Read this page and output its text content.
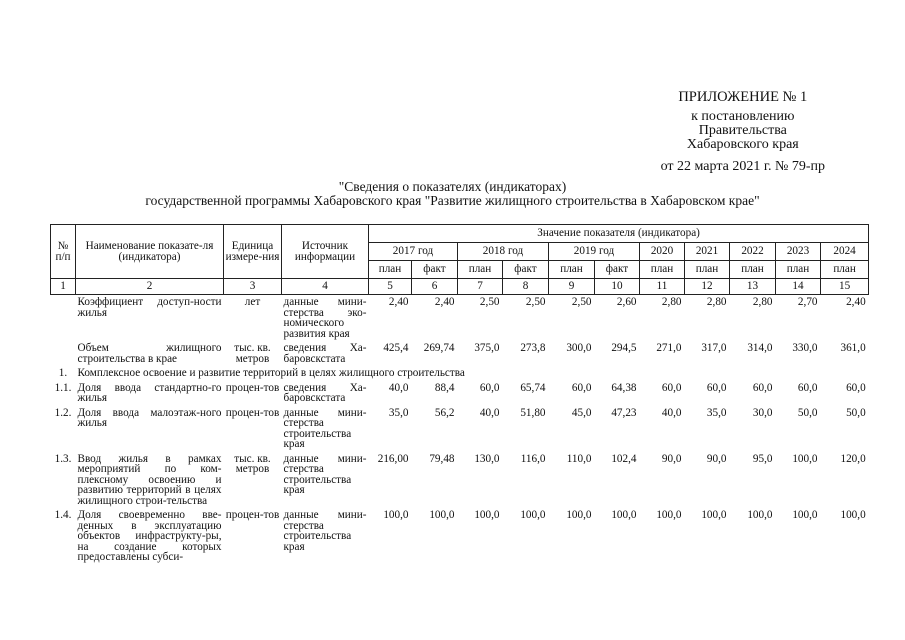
ПРИЛОЖЕНИЕ № 1
к постановлению
Правительства
Хабаровского края
от 22 марта 2021 г. № 79-пр
"Сведения о показателях (индикаторах)
государственной программы Хабаровского края "Развитие жилищного строительства в Хабаровском крае"
№ п/п	Наименование показате-ля (индикатора)	Единица измере-ния	Источник информации	Значение показателя (индикатора)										
				2017 год		2018 год		2019 год		2020	2021	2022	2023	2024
				план	факт	план	факт	план	факт	план	план	план	план	план
1	2	3	4	5	6	7	8	9	10	11	12	13	14	15
	Коэффициент доступ-ности жилья	лет	данные мини-стерства эко-номического развития края	2,40	2,40	2,50	2,50	2,50	2,60	2,80	2,80	2,80	2,70	2,40
	Объем жилищного строительства в крае	тыс. кв. метров	сведения Ха-баровскстата	425,4	269,74	375,0	273,8	300,0	294,5	271,0	317,0	314,0	330,0	361,0
1.	Комплексное освоение и развитие территорий в целях жилищного строительства													
1.1.	Доля ввода стандартно-го жилья	процен-тов	сведения Ха-баровскстата	40,0	88,4	60,0	65,74	60,0	64,38	60,0	60,0	60,0	60,0	60,0
1.2.	Доля ввода малоэтаж-ного жилья	процен-тов	данные мини-стерства строительства края	35,0	56,2	40,0	51,80	45,0	47,23	40,0	35,0	30,0	50,0	50,0
1.3.	Ввод жилья в рамках мероприятий по ком-плексному освоению и развитию территорий в целях жилищного строи-тельства	тыс. кв. метров	данные мини-стерства строительства края	216,00	79,48	130,0	116,0	110,0	102,4	90,0	90,0	95,0	100,0	120,0
1.4.	Доля своевременно вве-денных в эксплуатацию объектов инфраструкту-ры, на создание которых предоставлены субси-	процен-тов	данные мини-стерства строительства края	100,0	100,0	100,0	100,0	100,0	100,0	100,0	100,0	100,0	100,0	100,0
